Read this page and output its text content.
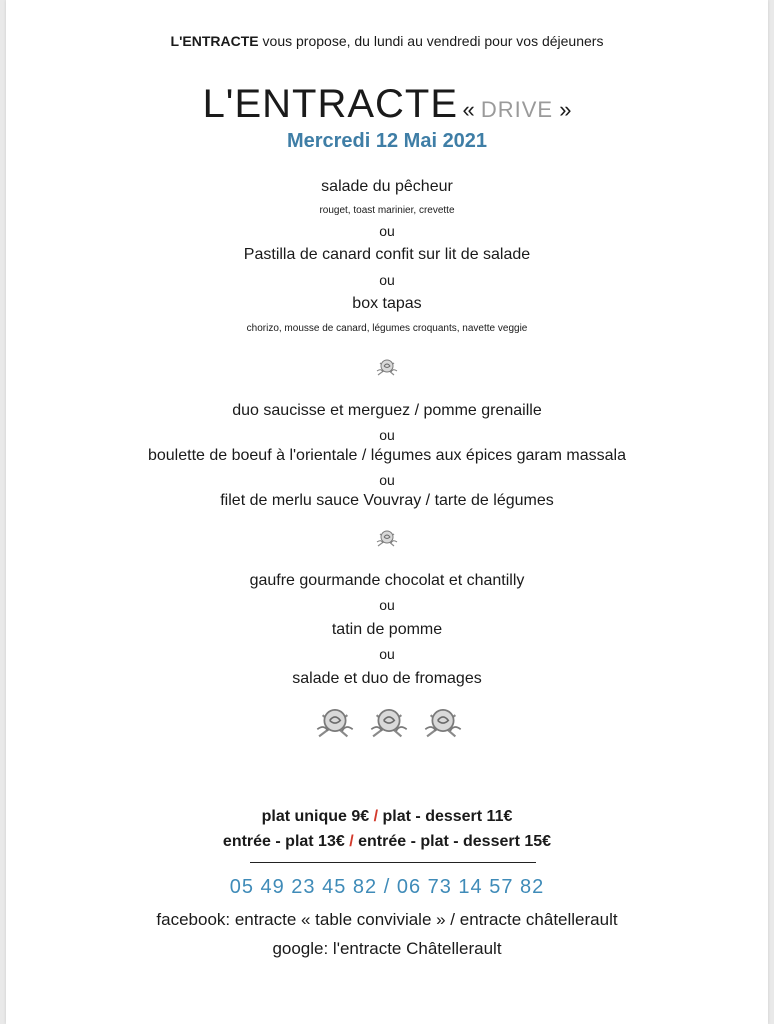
L'ENTRACTE vous propose, du lundi au vendredi pour vos déjeuners
L'ENTRACTE « DRIVE »
Mercredi 12 Mai 2021
salade du pêcheur
rouget, toast marinier, crevette
ou
Pastilla de canard confit sur lit de salade
ou
box tapas
chorizo, mousse de canard, légumes croquants, navette veggie
duo saucisse et merguez / pomme grenaille
ou
boulette de boeuf à l'orientale / légumes aux épices garam massala
ou
filet de merlu sauce Vouvray / tarte de légumes
gaufre gourmande chocolat et chantilly
ou
tatin de pomme
ou
salade et duo de fromages
plat unique 9€ / plat - dessert 11€
entrée - plat 13€ / entrée - plat - dessert 15€
05 49 23 45 82 / 06 73 14 57 82
facebook: entracte « table conviviale » / entracte châtellerault
google: l'entracte Châtellerault
